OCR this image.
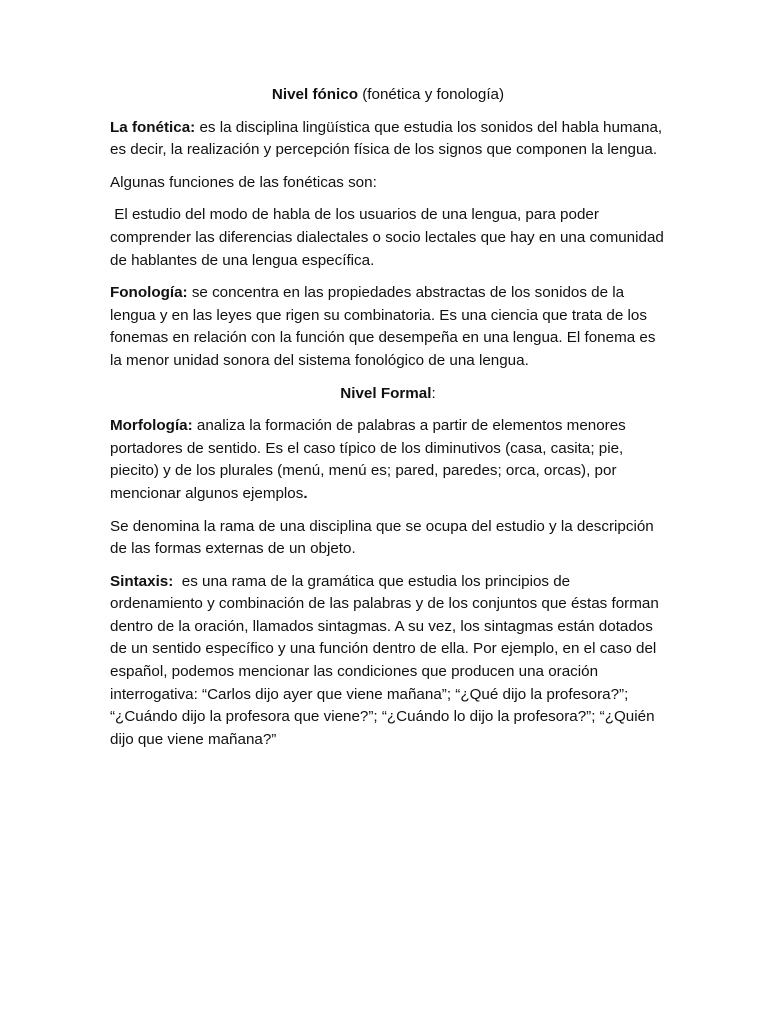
Nivel fónico (fonética y fonología)

La fonética: es la disciplina lingüística que estudia los sonidos del habla humana, es decir, la realización y percepción física de los signos que componen la lengua.

Algunas funciones de las fonéticas son:

El estudio del modo de habla de los usuarios de una lengua, para poder comprender las diferencias dialectales o socio lectales que hay en una comunidad de hablantes de una lengua específica.

Fonología: se concentra en las propiedades abstractas de los sonidos de la lengua y en las leyes que rigen su combinatoria. Es una ciencia que trata de los fonemas en relación con la función que desempeña en una lengua. El fonema es la menor unidad sonora del sistema fonológico de una lengua.

Nivel Formal:

Morfología: analiza la formación de palabras a partir de elementos menores portadores de sentido. Es el caso típico de los diminutivos (casa, casita; pie, piecito) y de los plurales (menú, menú es; pared, paredes; orca, orcas), por mencionar algunos ejemplos.

Se denomina la rama de una disciplina que se ocupa del estudio y la descripción de las formas externas de un objeto.

Sintaxis:  es una rama de la gramática que estudia los principios de ordenamiento y combinación de las palabras y de los conjuntos que éstas forman dentro de la oración, llamados sintagmas. A su vez, los sintagmas están dotados de un sentido específico y una función dentro de ella. Por ejemplo, en el caso del español, podemos mencionar las condiciones que producen una oración interrogativa: “Carlos dijo ayer que viene mañana”; “¿Qué dijo la profesora?”; “¿Cuándo dijo la profesora que viene?”; “¿Cuándo lo dijo la profesora?”; “¿Quién dijo que viene mañana?”
